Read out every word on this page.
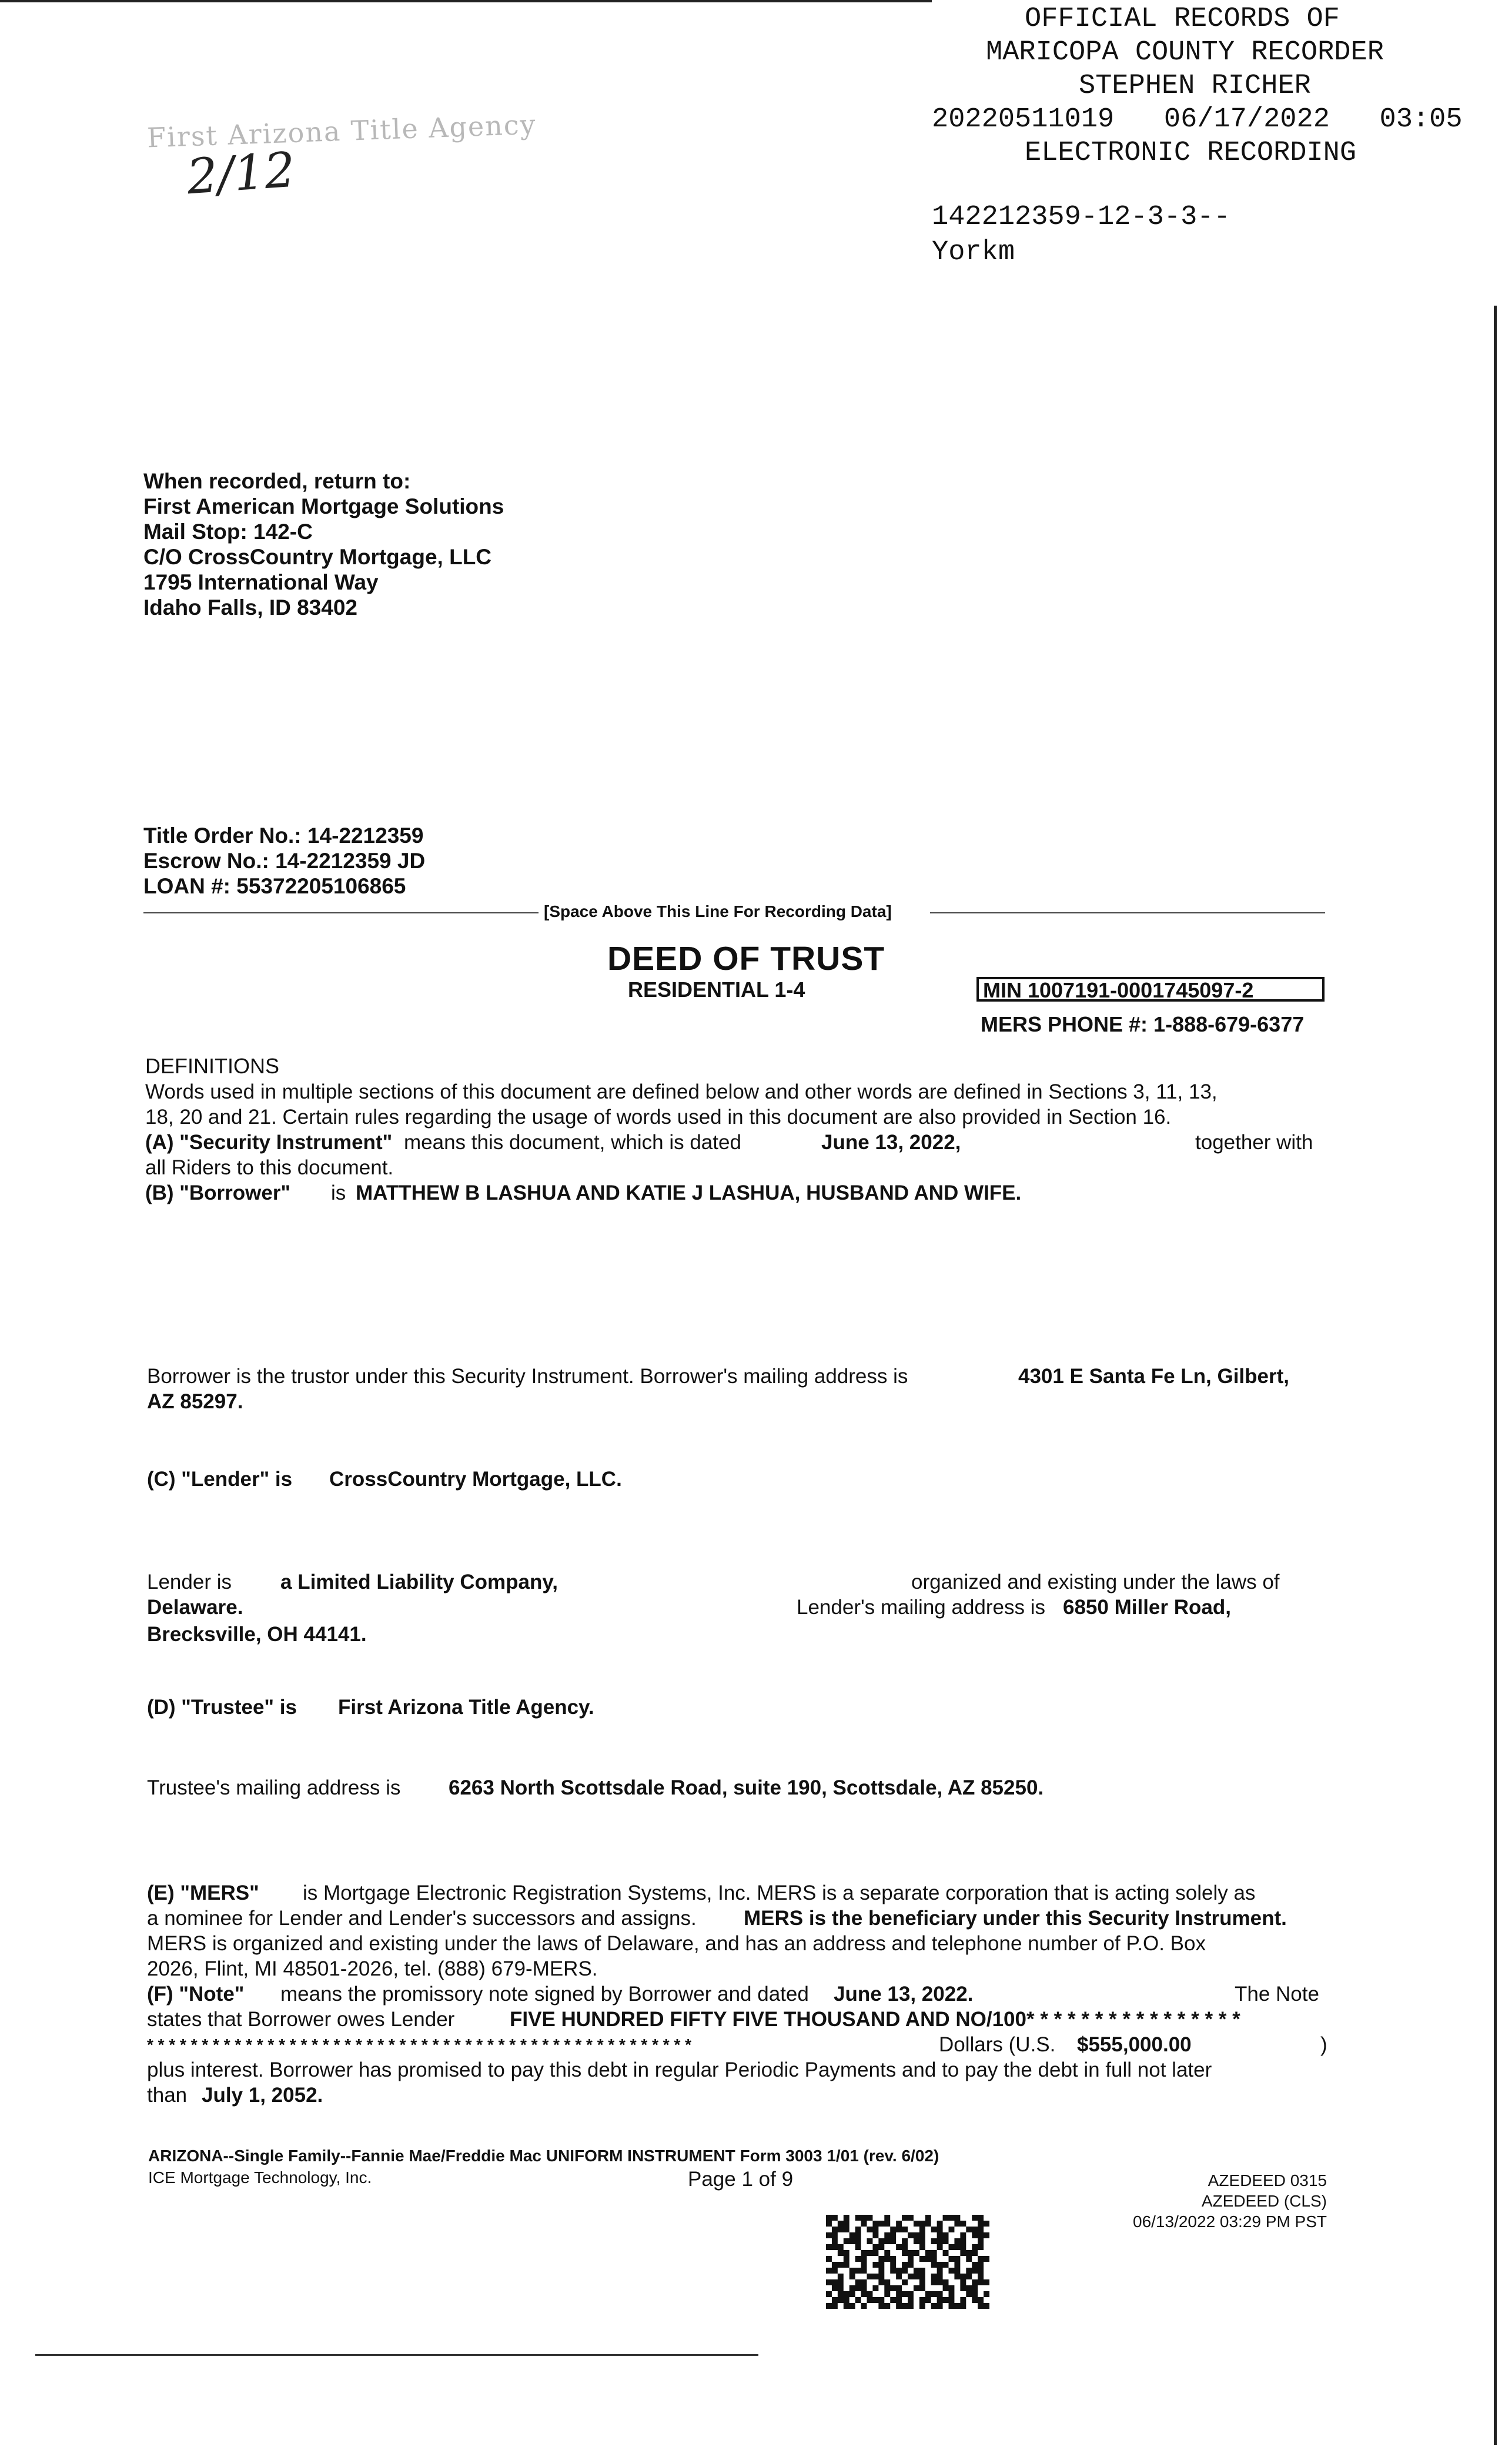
OFFICIAL RECORDS OF

MARICOPA COUNTY RECORDER

STEPHEN RICHER

20220511019   06/17/2022   03:05

ELECTRONIC RECORDING

142212359-12-3-3--
Yorkm
First Arizona Title Agency
2/12
When recorded, return to:
First American Mortgage Solutions
Mail Stop: 142-C
C/O CrossCountry Mortgage, LLC
1795 International Way
Idaho Falls, ID 83402
Title Order No.: 14-2212359
Escrow No.: 14-2212359 JD
LOAN #: 55372205106865
[Space Above This Line For Recording Data]
DEED OF TRUST
RESIDENTIAL 1-4	MIN 1007191-0001745097-2
MERS PHONE #: 1-888-679-6377
DEFINITIONS
Words used in multiple sections of this document are defined below and other words are defined in Sections 3, 11, 13,
18, 20 and 21. Certain rules regarding the usage of words used in this document are also provided in Section 16.
(A) "Security Instrument" means this document, which is dated	June 13, 2022,	together with
all Riders to this document.
(B) "Borrower" is MATTHEW B LASHUA AND KATIE J LASHUA, HUSBAND AND WIFE.
Borrower is the trustor under this Security Instrument. Borrower's mailing address is	4301 E Santa Fe Ln, Gilbert,
AZ 85297.
(C) "Lender" is CrossCountry Mortgage, LLC.
Lender is a Limited Liability Company,	organized and existing under the laws of
Delaware.	Lender's mailing address is 6850 Miller Road,
Brecksville, OH 44141.
(D) "Trustee" is First Arizona Title Agency.
Trustee's mailing address is 6263 North Scottsdale Road, suite 190, Scottsdale, AZ 85250.
(E) "MERS" is Mortgage Electronic Registration Systems, Inc. MERS is a separate corporation that is acting solely as
a nominee for Lender and Lender's successors and assigns. MERS is the beneficiary under this Security Instrument.
MERS is organized and existing under the laws of Delaware, and has an address and telephone number of P.O. Box
2026, Flint, MI 48501-2026, tel. (888) 679-MERS.
(F) "Note" means the promissory note signed by Borrower and dated June 13, 2022.	The Note
states that Borrower owes Lender	FIVE HUNDRED FIFTY FIVE THOUSAND AND NO/100* * * * * * * * * * * * * * * *
* * * * * * * * * * * * * * * * * * * * * * * * * * * * * * * * * * * * * * * * * * * * * * * * * *	Dollars (U.S. $555,000.00	)
plus interest. Borrower has promised to pay this debt in regular Periodic Payments and to pay the debt in full not later
than July 1, 2052.
ARIZONA--Single Family--Fannie Mae/Freddie Mac UNIFORM INSTRUMENT Form 3003 1/01 (rev. 6/02)
ICE Mortgage Technology, Inc.	Page 1 of 9	AZEDEED 0315
AZEDEED (CLS)
06/13/2022 03:29 PM PST
